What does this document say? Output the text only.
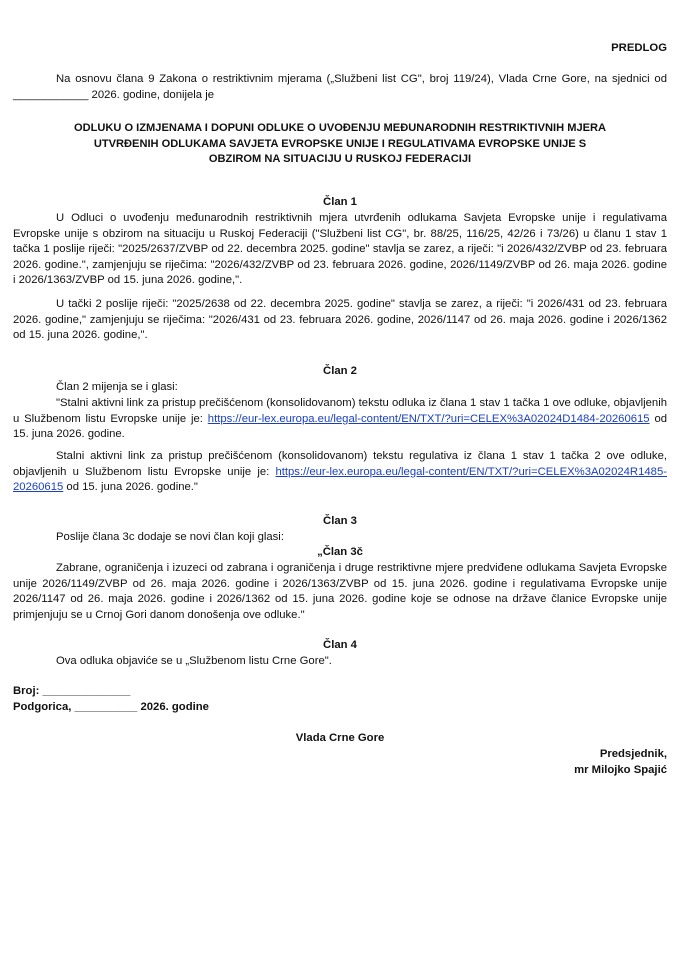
PREDLOG

Na osnovu člana 9 Zakona o restriktivnim mjerama („Službeni list CG", broj 119/24), Vlada Crne Gore, na sjednici od ____________ 2026. godine, donijela je

ODLUKU O IZMJENAMA I DOPUNI ODLUKE O UVOĐENJU MEĐUNARODNIH RESTRIKTIVNIH MJERA
UTVRĐENIH ODLUKAMA SAVJETA EVROPSKE UNIJE I REGULATIVAMA EVROPSKE UNIJE S
OBZIROM NA SITUACIJU U RUSKOJ FEDERACIJI
Član 1

U Odluci o uvođenju međunarodnih restriktivnih mjera utvrđenih odlukama Savjeta Evropske unije i regulativama Evropske unije s obzirom na situaciju u Ruskoj Federaciji ("Službeni list CG", br. 88/25, 116/25, 42/26 i 73/26) u članu 1 stav 1 tačka 1 poslije riječi: "2025/2637/ZVBP od 22. decembra 2025. godine" stavlja se zarez, a riječi: "i 2026/432/ZVBP od 23. februara 2026. godine.", zamjenjuju se riječima: "2026/432/ZVBP od 23. februara 2026. godine, 2026/1149/ZVBP od 26. maja 2026. godine i 2026/1363/ZVBP od 15. juna 2026. godine,".

U tački 2 poslije riječi: "2025/2638 od 22. decembra 2025. godine" stavlja se zarez, a riječi: "i 2026/431 od 23. februara 2026. godine," zamjenjuju se riječima: "2026/431 od 23. februara 2026. godine, 2026/1147 od 26. maja 2026. godine i 2026/1362 od 15. juna 2026. godine,".

Član 2

Član 2 mijenja se i glasi:

"Stalni aktivni link za pristup prečišćenom (konsolidovanom) tekstu odluka iz člana 1 stav 1 tačka 1 ove odluke, objavljenih u Službenom listu Evropske unije je: https://eur-lex.europa.eu/legal-content/EN/TXT/?uri=CELEX%3A02024D1484-20260615 od 15. juna 2026. godine.

Stalni aktivni link za pristup prečišćenom (konsolidovanom) tekstu regulativa iz člana 1 stav 1 tačka 2 ove odluke, objavljenih u Službenom listu Evropske unije je: https://eur-lex.europa.eu/legal-content/EN/TXT/?uri=CELEX%3A02024R1485-20260615 od 15. juna 2026. godine."

Član 3

Poslije člana 3c dodaje se novi član koji glasi:

„Član 3č

Zabrane, ograničenja i izuzeci od zabrana i ograničenja i druge restriktivne mjere predviđene odlukama Savjeta Evropske unije 2026/1149/ZVBP od 26. maja 2026. godine i 2026/1363/ZVBP od 15. juna 2026. godine i regulativama Evropske unije 2026/1147 od 26. maja 2026. godine i 2026/1362 od 15. juna 2026. godine koje se odnose na države članice Evropske unije primjenjuju se u Crnoj Gori danom donošenja ove odluke."

Član 4

Ova odluka objaviće se u „Službenom listu Crne Gore".

Broj: ______________
Podgorica, __________ 2026. godine
Vlada Crne Gore
Predsjednik,
mr Milojko Spajić
